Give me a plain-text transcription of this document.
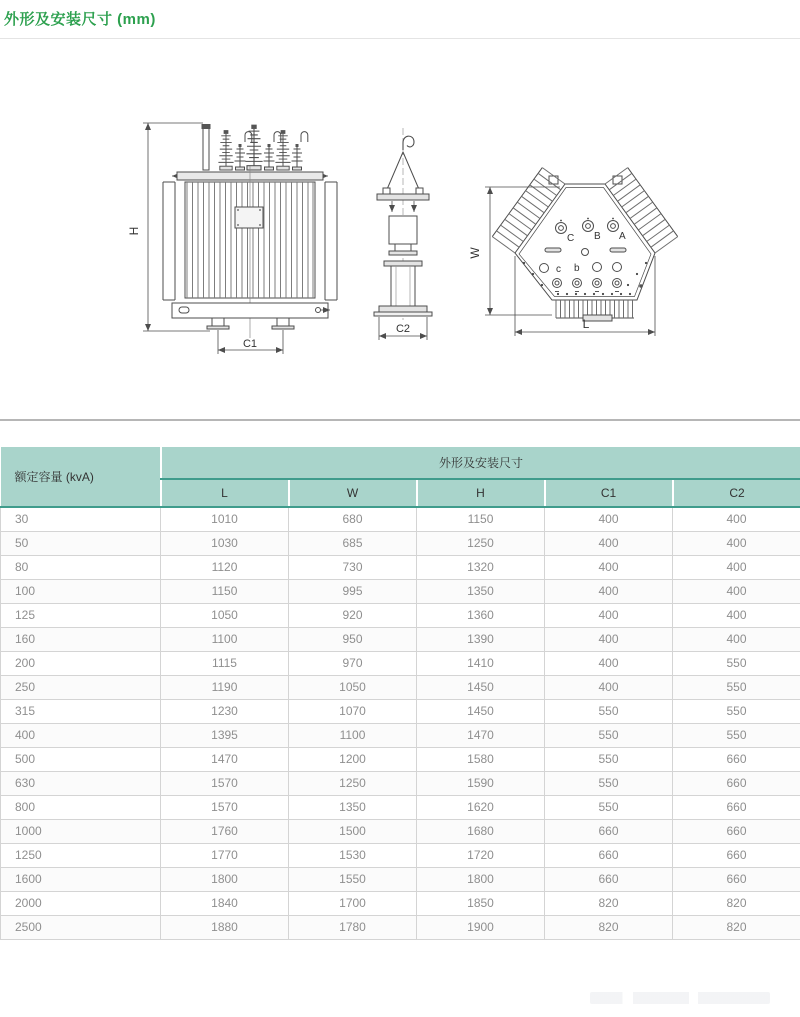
外形及安装尺寸 (mm)
H
C1
C2
C B A
c b
W
L
额定容量 (kvA)	外形及安装尺寸				
	L	W	H	C1	C2
30	1010	680	1150	400	400
50	1030	685	1250	400	400
80	1120	730	1320	400	400
100	1150	995	1350	400	400
125	1050	920	1360	400	400
160	1100	950	1390	400	400
200	1115	970	1410	400	550
250	1190	1050	1450	400	550
315	1230	1070	1450	550	550
400	1395	1100	1470	550	550
500	1470	1200	1580	550	660
630	1570	1250	1590	550	660
800	1570	1350	1620	550	660
1000	1760	1500	1680	660	660
1250	1770	1530	1720	660	660
1600	1800	1550	1800	660	660
2000	1840	1700	1850	820	820
2500	1880	1780	1900	820	820
